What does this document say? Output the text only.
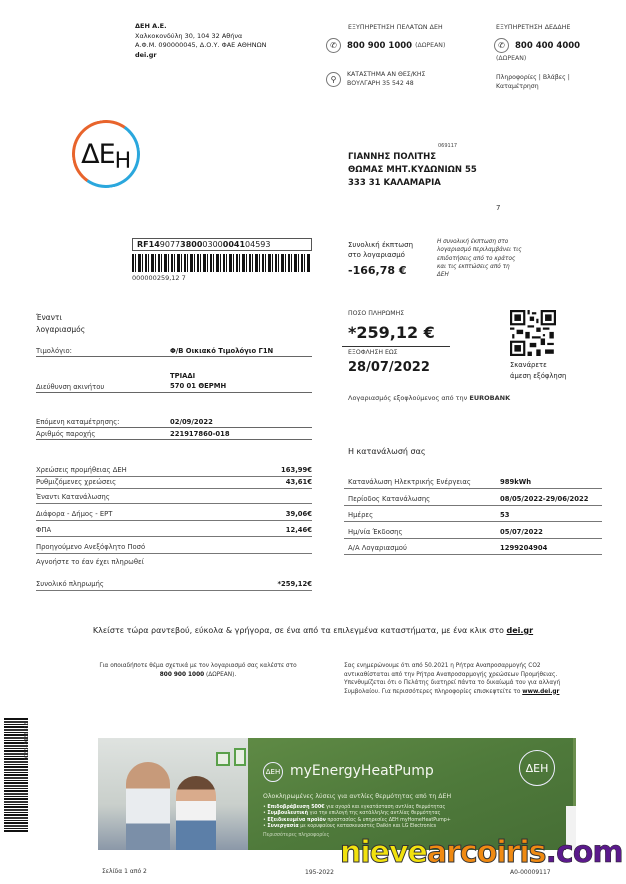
ΔΕΗ Α.Ε.
Χαλκοκονδύλη 30, 104 32 Αθήνα
Α.Φ.Μ. 090000045, Δ.Ο.Υ. ΦΑΕ ΑΘΗΝΩΝ
dei.gr
ΕΞΥΠΗΡΕΤΗΣΗ ΠΕΛΑΤΩΝ ΔΕΗ
✆	800 900 1000 (ΔΩΡΕΑΝ)
⚲	ΚΑΤΑΣΤΗΜΑ ΑΝ ΘΕΣ/ΚΗΣ
ΒΟΥΛΓΑΡΗ 35 542 48
ΕΞΥΠΗΡΕΤΗΣΗ ΔΕΔΔΗΕ
✆	800 400 4000
(ΔΩΡΕΑΝ)
Πληροφορίες | Βλάβες |
Καταμέτρηση
ΔΕΗ
069117
ΓΙΑΝΝΗΣ ΠΟΛΙΤΗΣ
ΘΩΜΑΣ ΜΗΤ.ΚΥΔΩΝΙΩΝ 55
333 31 ΚΑΛΑΜΑΡΙΑ
7
RF14907738000300004104593
000000259,12 7
Συνολική έκπτωση
στο λογαριασμό
-166,78 €
Η συνολική έκπτωση στο λογαριασμό περιλαμβάνει τις επιδοτήσεις από το κράτος και τις εκπτώσεις από τη ΔΕΗ
ΠΟΣΟ ΠΛΗΡΩΜΗΣ
*259,12 €
ΕΞΟΦΛΗΣΗ ΕΩΣ
28/07/2022	Σκανάρετε
άμεση εξόφληση
Λογαριασμός εξοφλούμενος από την EUROBANK
Έναντι
λογαριασμός
Τιμολόγιο:	Φ/Β Οικιακό Τιμολόγιο Γ1Ν
Διεύθυνση ακινήτου
ΤΡΙΑΔΙ
570 01 ΘΕΡΜΗ
Επόμενη καταμέτρησης:	02/09/2022
Αριθμός παροχής	221917860-018
Χρεώσεις προμήθειας ΔΕΗ	163,99€
Ρυθμιζόμενες χρεώσεις	43,61€
Έναντι Κατανάλωσης
Διάφορα - Δήμος - ΕΡΤ	39,06€
ΦΠΑ	12,46€
Προηγούμενο Ανεξόφλητο Ποσό
Αγνοήστε το έαν έχει πληρωθεί
Συνολικό πληρωμής	*259,12€
Η κατανάλωσή σας
Κατανάλωση Ηλεκτρικής Ενέργειας	989kWh
Περίοδος Κατανάλωσης	08/05/2022-29/06/2022
Ημέρες	53
Ημ/νία Έκδοσης	05/07/2022
Α/Α Λογαριασμού	1299204904
Κλείστε τώρα ραντεβού, εύκολα & γρήγορα, σε ένα από τα επιλεγμένα καταστήματα, με ένα κλικ στο dei.gr
Για οποιαδήποτε θέμα σχετικά με τον λογαριασμό σας καλέστε στο 800 900 1000 (ΔΩΡΕΑΝ).
Σας ενημερώνουμε ότι από 50.2021 η Ρήτρα Αναπροσαρμογής CO2 αντικαθίσταται από την Ρήτρα Αναπροσαρμογής χρεώσεων Προμήθειας. Υπενθυμίζεται ότι ο Πελάτης διατηρεί πάντα το δικαίωμά του για αλλαγή Συμβολαίου. Για περισσότερες πληροφορίες επισκεφτείτε το www.dei.gr
003349136316
ΔΕΗ myEnergyHeatPump	ΔΕΗ
Ολοκληρωμένες λύσεις για αντλίες θερμότητας από τη ΔΕΗ
• Επιδοβράβευση 500€ για αγορά και εγκατάσταση αντλίας θερμότητας
• Συμβουλευτική για την επιλογή της κατάλληλης αντλίας θερμότητας
• Εξειδικευμένα προϊόν προστασίας & υπηρεσίες ΔΕΗ myHomeHeatPump+
• Συνεργασία με κορυφαίους κατασκευαστές Daikin και LG Electronics
Περισσότερες πληροφορίες
Σελίδα 1 από 2	195-2022	A0-00009117
nievearcoiris.com
